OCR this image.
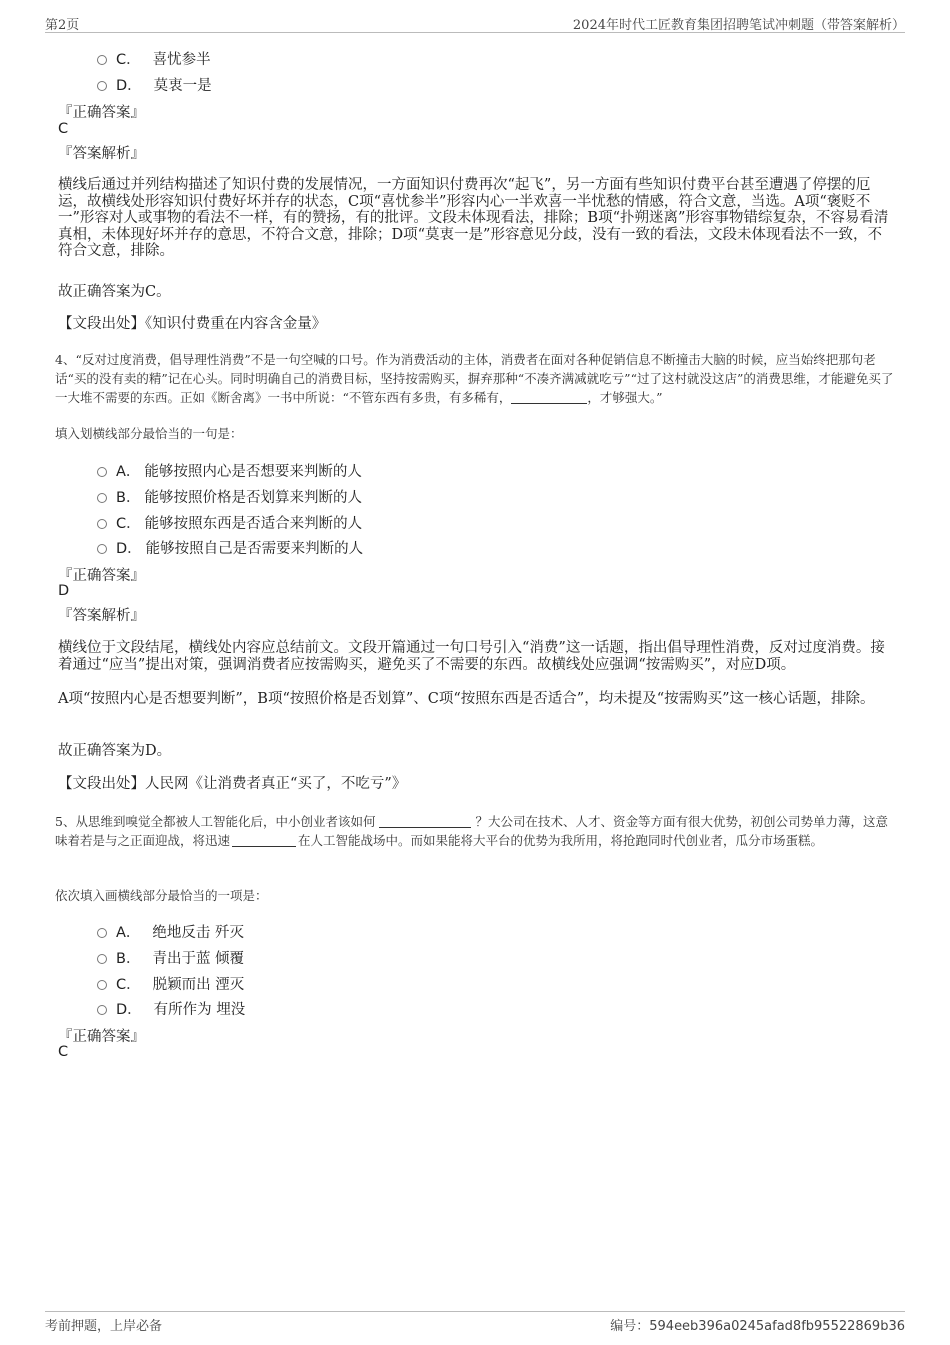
第2页	2024年时代工匠教育集团招聘笔试冲刺题（带答案解析）
C． 喜忧参半
D． 莫衷一是
『正确答案』
C
『答案解析』
横线后通过并列结构描述了知识付费的发展情况，一方面知识付费再次“起飞”，另一方面有些知识付费平台甚至遭遇了停摆的厄运，故横线处形容知识付费好坏并存的状态，C项“喜忧参半”形容内心一半欢喜一半忧愁的情感，符合文意，当选。A项“褒贬不一”形容对人或事物的看法不一样，有的赞扬，有的批评。文段未体现看法，排除；B项“扑朔迷离”形容事物错综复杂，不容易看清真相，未体现好坏并存的意思，不符合文意，排除；D项“莫衷一是”形容意见分歧，没有一致的看法，文段未体现看法不一致，不符合文意，排除。
故正确答案为C。
【文段出处】《知识付费重在内容含金量》
4、“反对过度消费，倡导理性消费”不是一句空喊的口号。作为消费活动的主体，消费者在面对各种促销信息不断撞击大脑的时候，应当始终把那句老话“买的没有卖的精”记在心头。同时明确自己的消费目标，坚持按需购买，摒弃那种“不凑齐满减就吃亏”“过了这村就没这店”的消费思维，才能避免买了一大堆不需要的东西。正如《断舍离》一书中所说：“不管东西有多贵，有多稀有，	，才够强大。”
填入划横线部分最恰当的一句是：
A． 能够按照内心是否想要来判断的人
B． 能够按照价格是否划算来判断的人
C． 能够按照东西是否适合来判断的人
D． 能够按照自己是否需要来判断的人
『正确答案』
D
『答案解析』
横线位于文段结尾，横线处内容应总结前文。文段开篇通过一句口号引入“消费”这一话题，指出倡导理性消费，反对过度消费。接着通过“应当”提出对策，强调消费者应按需购买，避免买了不需要的东西。故横线处应强调“按需购买”，对应D项。
A项“按照内心是否想要判断”，B项“按照价格是否划算”、C项“按照东西是否适合”，均未提及“按需购买”这一核心话题，排除。
故正确答案为D。
【文段出处】人民网《让消费者真正“买了，不吃亏”》
5、从思维到嗅觉全都被人工智能化后，中小创业者该如何	？大公司在技术、人才、资金等方面有很大优势，初创公司势单力薄，这意味着若是与之正面迎战，将迅速	在人工智能战场中。而如果能将大平台的优势为我所用，将抢跑同时代创业者，瓜分市场蛋糕。
依次填入画横线部分最恰当的一项是：
A． 绝地反击 歼灭
B． 青出于蓝 倾覆
C． 脱颖而出 湮灭
D． 有所作为 埋没
『正确答案』
C
考前押题，上岸必备	编号：594eeb396a0245afad8fb95522869b36
